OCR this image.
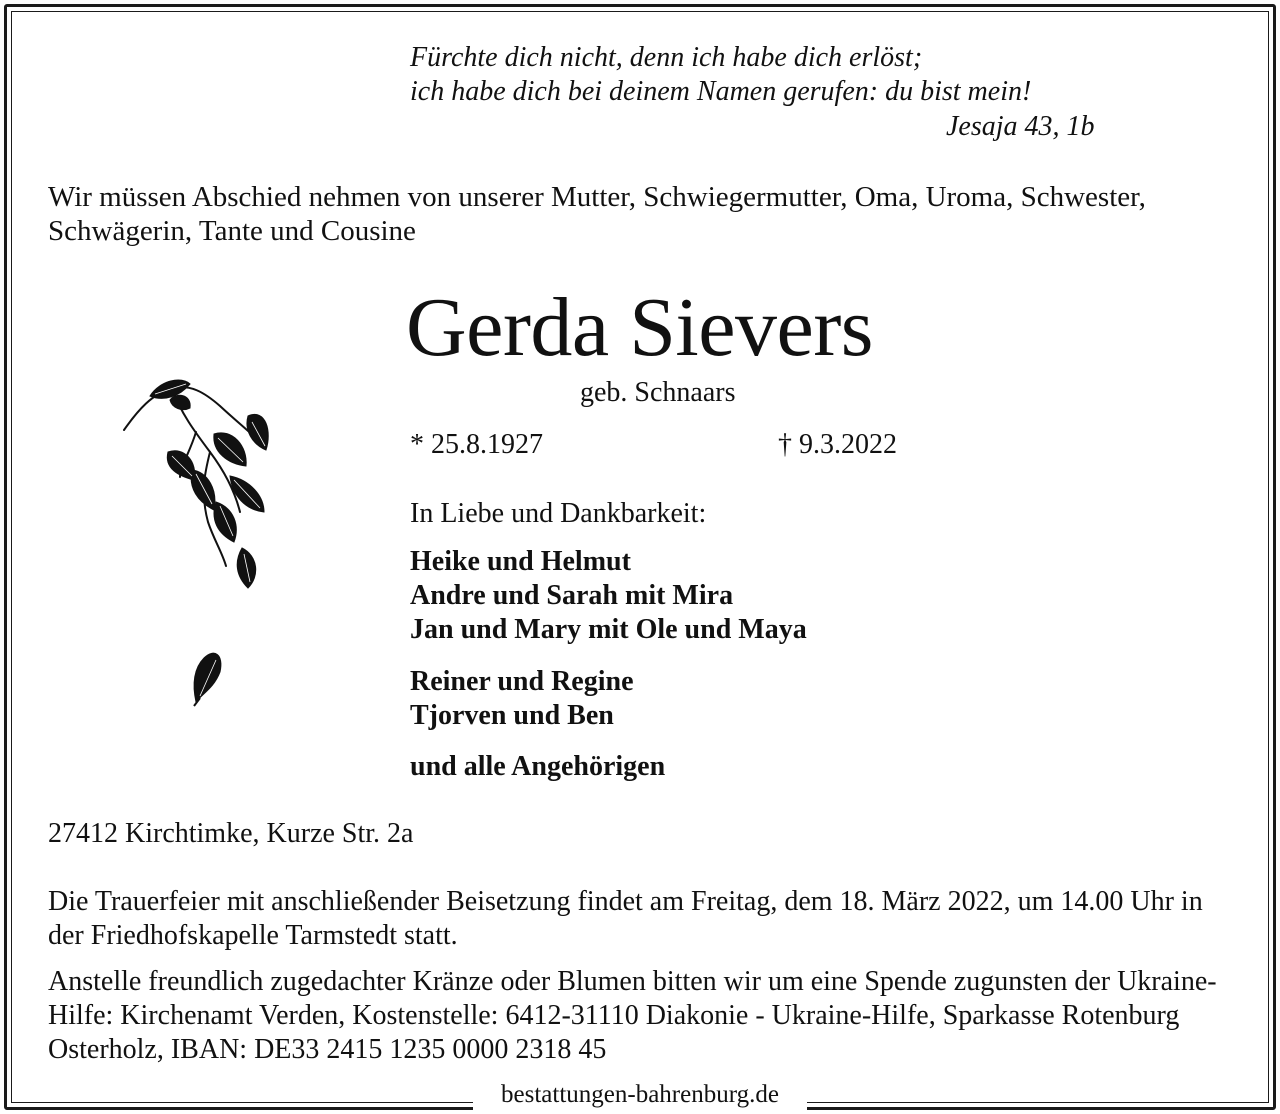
Fürchte dich nicht, denn ich habe dich erlöst;
ich habe dich bei deinem Namen gerufen: du bist mein!
Jesaja 43, 1b
Wir müssen Abschied nehmen von unserer Mutter, Schwiegermutter, Oma, Uroma, Schwester, Schwägerin, Tante und Cousine
Gerda Sievers
geb. Schnaars
* 25.8.1927	† 9.3.2022
In Liebe und Dankbarkeit:
Heike und Helmut
Andre und Sarah mit Mira
Jan und Mary mit Ole und Maya
Reiner und Regine
Tjorven und Ben
und alle Angehörigen
27412 Kirchtimke, Kurze Str. 2a
Die Trauerfeier mit anschließender Beisetzung findet am Freitag, dem 18. März 2022, um 14.00 Uhr in der Friedhofskapelle Tarmstedt statt.
Anstelle freundlich zugedachter Kränze oder Blumen bitten wir um eine Spende zugunsten der Ukraine-Hilfe: Kirchenamt Verden, Kostenstelle: 6412-31110 Diakonie - Ukraine-Hilfe, Sparkasse Rotenburg Osterholz, IBAN: DE33 2415 1235 0000 2318 45
bestattungen-bahrenburg.de
